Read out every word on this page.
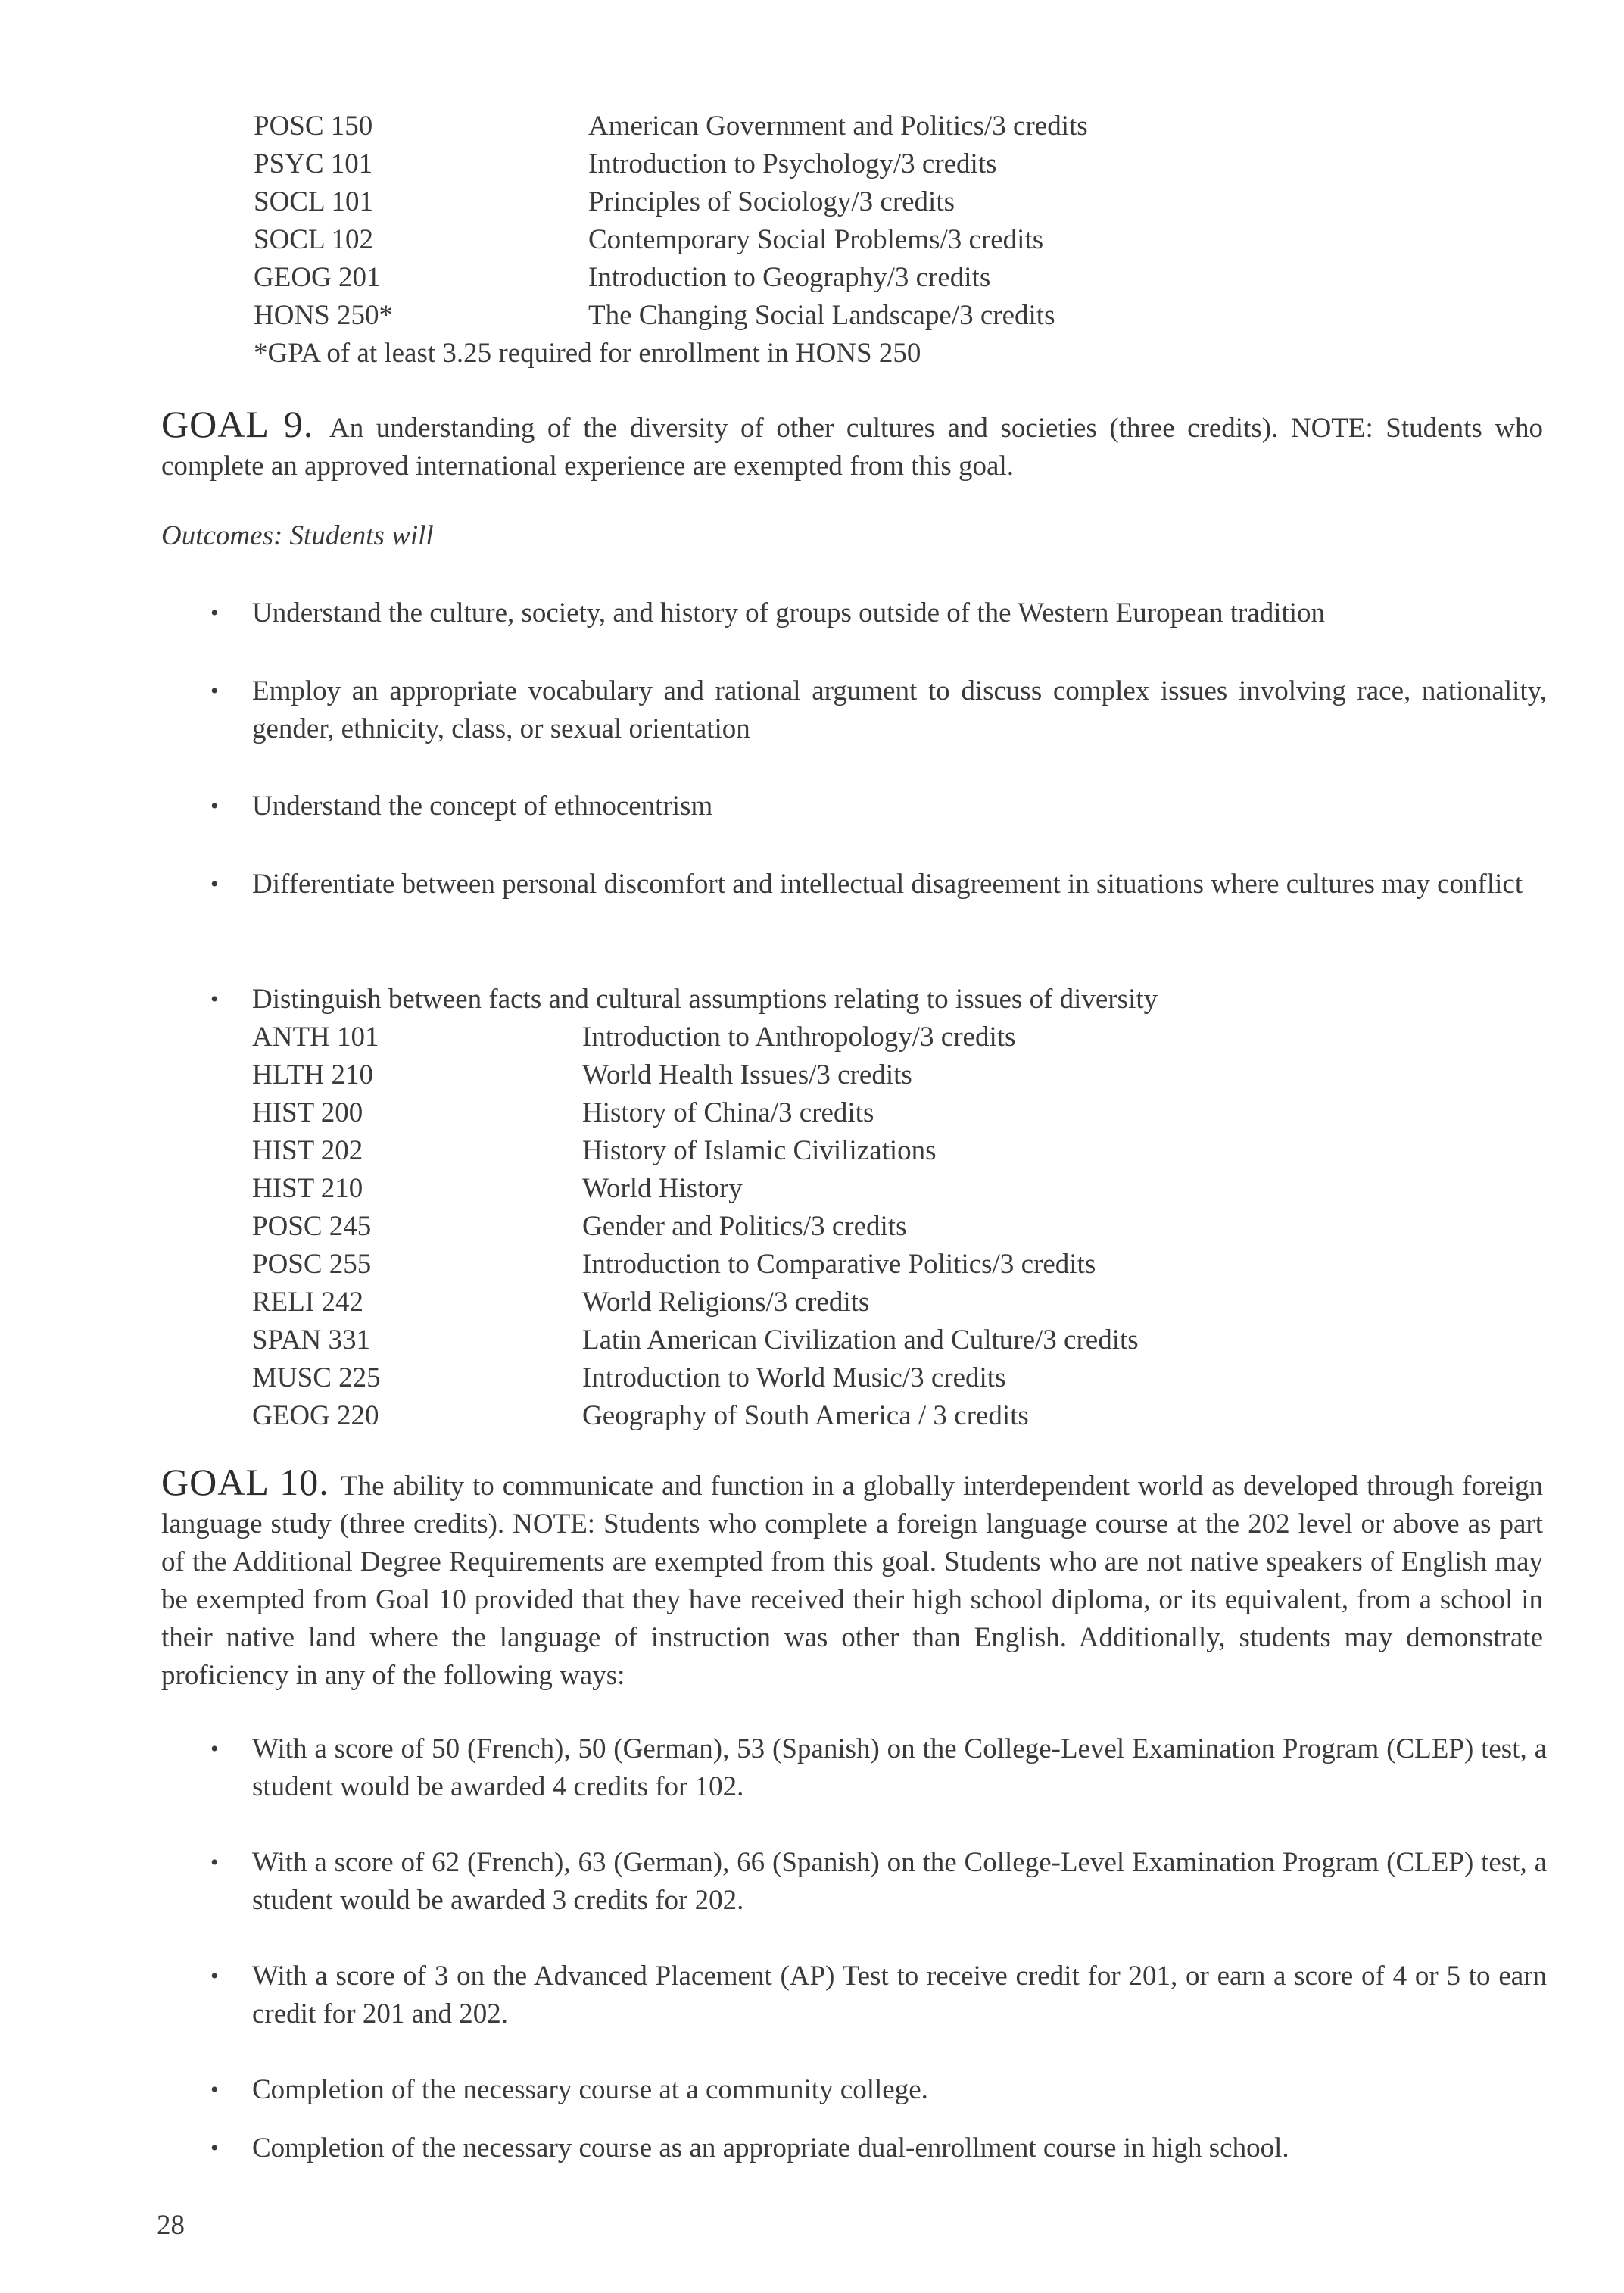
POSC 150	American Government and Politics/3 credits
PSYC 101	Introduction to Psychology/3 credits
SOCL 101	Principles of Sociology/3 credits
SOCL 102	Contemporary Social Problems/3 credits
GEOG 201	Introduction to Geography/3 credits
HONS 250*	The Changing Social Landscape/3 credits
*GPA of at least 3.25 required for enrollment in HONS 250
GOAL 9. An understanding of the diversity of other cultures and societies (three credits). NOTE: Students who complete an approved international experience are exempted from this goal.
Outcomes: Students will
• Understand the culture, society, and history of groups outside of the Western European tradition
• Employ an appropriate vocabulary and rational argument to discuss complex issues involving race, nationality, gender, ethnicity, class, or sexual orientation
• Understand the concept of ethnocentrism
• Differentiate between personal discomfort and intellectual disagreement in situations where cultures may conflict
• Distinguish between facts and cultural assumptions relating to issues of diversity
ANTH 101	Introduction to Anthropology/3 credits
HLTH 210	World Health Issues/3 credits
HIST 200	History of China/3 credits
HIST 202	History of Islamic Civilizations
HIST 210	World History
POSC 245	Gender and Politics/3 credits
POSC 255	Introduction to Comparative Politics/3 credits
RELI 242	World Religions/3 credits
SPAN 331	Latin American Civilization and Culture/3 credits
MUSC 225	Introduction to World Music/3 credits
GEOG 220	Geography of South America / 3 credits
GOAL 10. The ability to communicate and function in a globally interdependent world as developed through foreign language study (three credits). NOTE: Students who complete a foreign language course at the 202 level or above as part of the Additional Degree Requirements are exempted from this goal. Students who are not native speakers of English may be exempted from Goal 10 provided that they have received their high school diploma, or its equivalent, from a school in their native land where the language of instruction was other than English. Additionally, students may demonstrate proficiency in any of the following ways:
• With a score of 50 (French), 50 (German), 53 (Spanish) on the College-Level Examination Program (CLEP) test, a student would be awarded 4 credits for 102.
• With a score of 62 (French), 63 (German), 66 (Spanish) on the College-Level Examination Program (CLEP) test, a student would be awarded 3 credits for 202.
• With a score of 3 on the Advanced Placement (AP) Test to receive credit for 201, or earn a score of 4 or 5 to earn credit for 201 and 202.
• Completion of the necessary course at a community college.
• Completion of the necessary course as an appropriate dual-enrollment course in high school.
28
